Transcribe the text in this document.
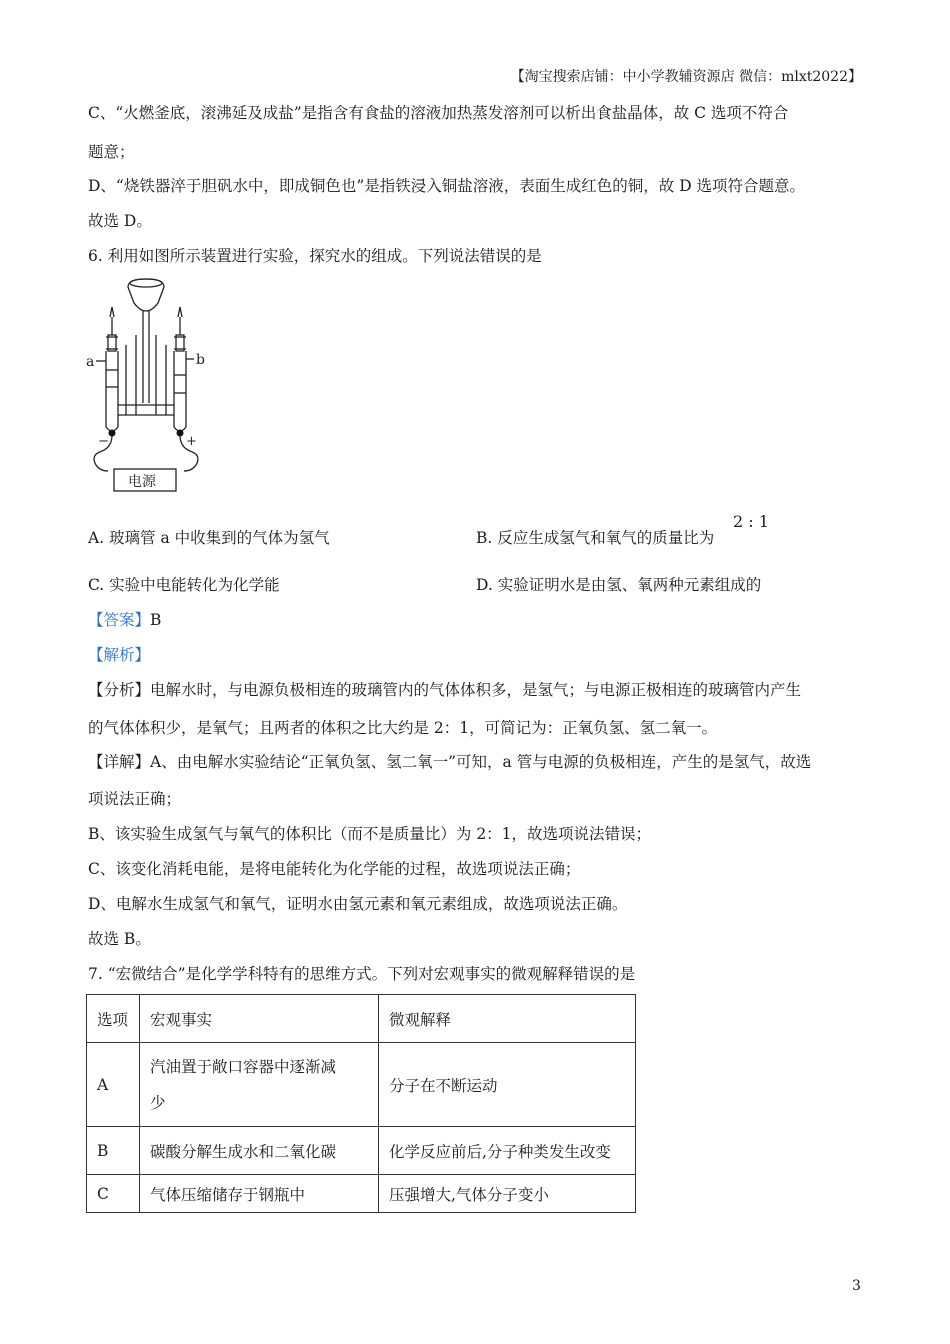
【淘宝搜索店铺：中小学教辅资源店 微信：mlxt2022】
C、“火燃釜底，滚沸延及成盐”是指含有食盐的溶液加热蒸发溶剂可以析出食盐晶体，故 C 选项不符合
题意；
D、“烧铁器淬于胆矾水中，即成铜色也”是指铁浸入铜盐溶液，表面生成红色的铜，故 D 选项符合题意。
故选 D。
6. 利用如图所示装置进行实验，探究水的组成。下列说法错误的是
a	b
−	+
电源
A. 玻璃管 a 中收集到的气体为氢气	B. 反应生成氢气和氧气的质量比为
2 : 1
C. 实验中电能转化为化学能	D. 实验证明水是由氢、氧两种元素组成的
【答案】B
【解析】
【分析】电解水时，与电源负极相连的玻璃管内的气体体积多，是氢气；与电源正极相连的玻璃管内产生
的气体体积少，是氧气；且两者的体积之比大约是 2：1，可简记为：正氧负氢、氢二氧一。
【详解】A、由电解水实验结论“正氧负氢、氢二氧一”可知，a 管与电源的负极相连，产生的是氢气，故选
项说法正确；
B、该实验生成氢气与氧气的体积比（而不是质量比）为 2：1，故选项说法错误；
C、该变化消耗电能，是将电能转化为化学能的过程，故选项说法正确；
D、电解水生成氢气和氧气，证明水由氢元素和氧元素组成，故选项说法正确。
故选 B。
7. “宏微结合”是化学学科特有的思维方式。下列对宏观事实的微观解释错误的是
选项	宏观事实	微观解释
A	汽油置于敞口容器中逐渐减
少	分子在不断运动
B	碳酸分解生成水和二氧化碳	化学反应前后,分子种类发生改变
C	气体压缩储存于钢瓶中	压强增大,气体分子变小
3
